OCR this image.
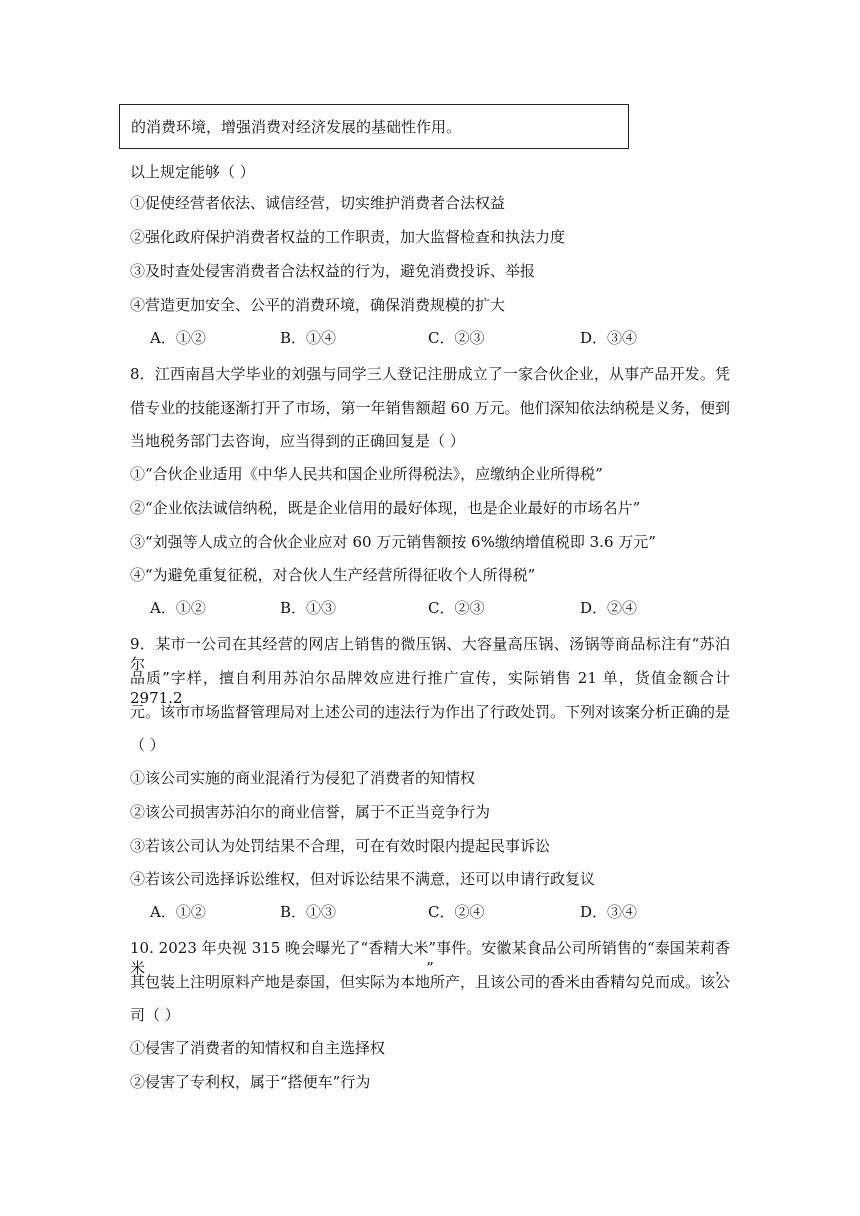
的消费环境，增强消费对经济发展的基础性作用。
以上规定能够（ ）
①促使经营者依法、诚信经营，切实维护消费者合法权益
②强化政府保护消费者权益的工作职责，加大监督检查和执法力度
③及时查处侵害消费者合法权益的行为，避免消费投诉、举报
④营造更加安全、公平的消费环境，确保消费规模的扩大
A．①②	B．①④	C．②③	D．③④
8．江西南昌大学毕业的刘强与同学三人登记注册成立了一家合伙企业，从事产品开发。凭
借专业的技能逐渐打开了市场，第一年销售额超 60 万元。他们深知依法纳税是义务，便到
当地税务部门去咨询，应当得到的正确回复是（ ）
①“合伙企业适用《中华人民共和国企业所得税法》，应缴纳企业所得税”
②“企业依法诚信纳税，既是企业信用的最好体现，也是企业最好的市场名片”
③“刘强等人成立的合伙企业应对 60 万元销售额按 6%缴纳增值税即 3.6 万元”
④“为避免重复征税，对合伙人生产经营所得征收个人所得税”
A．①②	B．①③	C．②③	D．②④
9．某市一公司在其经营的网店上销售的微压锅、大容量高压锅、汤锅等商品标注有“苏泊尔
品质”字样，擅自利用苏泊尔品牌效应进行推广宣传，实际销售 21 单，货值金额合计 2971.2
元。该市市场监督管理局对上述公司的违法行为作出了行政处罚。下列对该案分析正确的是
（ ）
①该公司实施的商业混淆行为侵犯了消费者的知情权
②该公司损害苏泊尔的商业信誉，属于不正当竞争行为
③若该公司认为处罚结果不合理，可在有效时限内提起民事诉讼
④若该公司选择诉讼维权，但对诉讼结果不满意，还可以申请行政复议
A．①②	B．①③	C．②④	D．③④
10. 2023 年央视 315 晚会曝光了“香精大米”事件。安徽某食品公司所销售的“泰国茉莉香米”，
其包装上注明原料产地是泰国，但实际为本地所产，且该公司的香米由香精勾兑而成。该公
司（ ）
①侵害了消费者的知情权和自主选择权
②侵害了专利权，属于“搭便车”行为
